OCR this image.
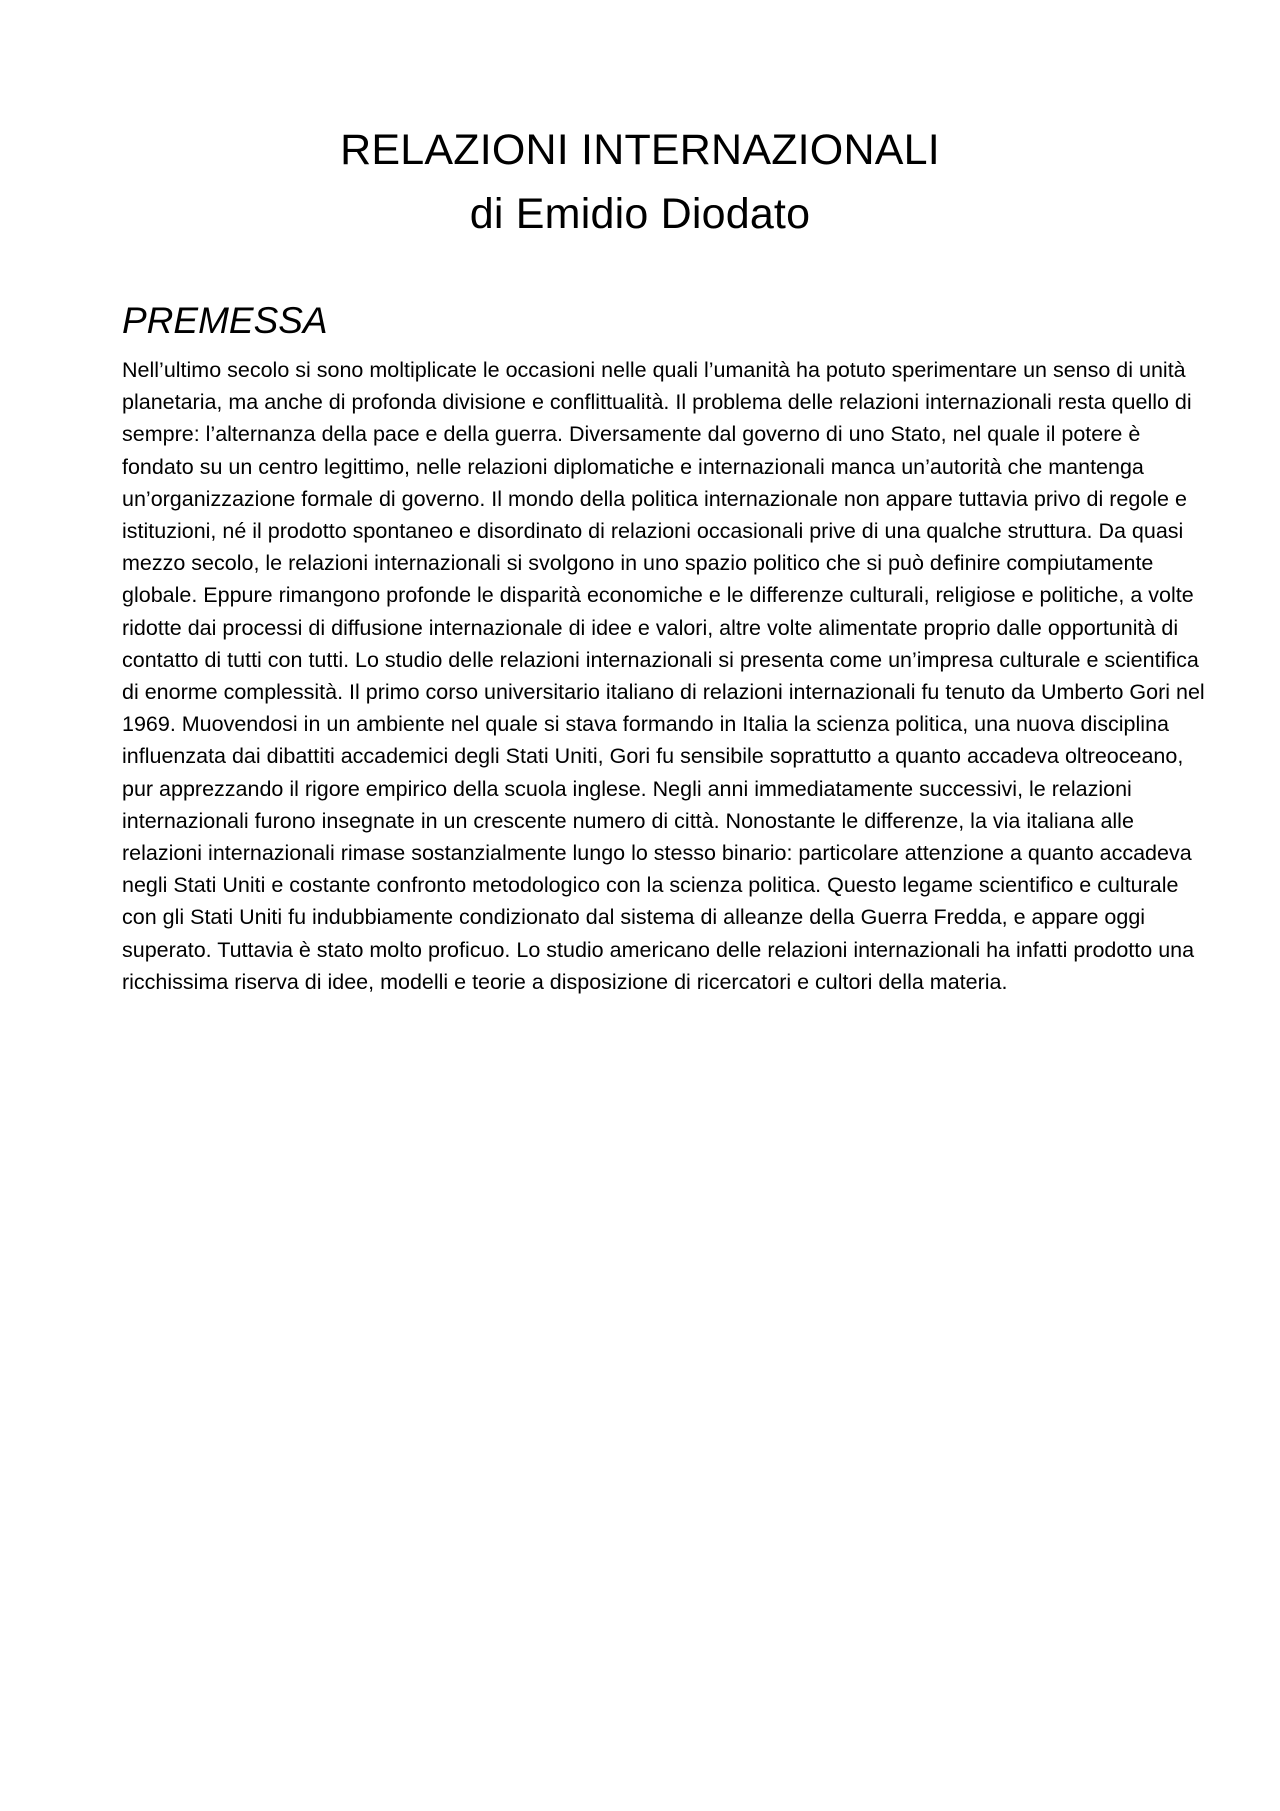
RELAZIONI INTERNAZIONALI
di Emidio Diodato
PREMESSA

Nell’ultimo secolo si sono moltiplicate le occasioni nelle quali l’umanità ha potuto sperimentare un senso di unità planetaria, ma anche di profonda divisione e conflittualità. Il problema delle relazioni internazionali resta quello di sempre: l’alternanza della pace e della guerra. Diversamente dal governo di uno Stato, nel quale il potere è fondato su un centro legittimo, nelle relazioni diplomatiche e internazionali manca un’autorità che mantenga un’organizzazione formale di governo. Il mondo della politica internazionale non appare tuttavia privo di regole e istituzioni, né il prodotto spontaneo e disordinato di relazioni occasionali prive di una qualche struttura. Da quasi mezzo secolo, le relazioni internazionali si svolgono in uno spazio politico che si può definire compiutamente globale. Eppure rimangono profonde le disparità economiche e le differenze culturali, religiose e politiche, a volte ridotte dai processi di diffusione internazionale di idee e valori, altre volte alimentate proprio dalle opportunità di contatto di tutti con tutti. Lo studio delle relazioni internazionali si presenta come un’impresa culturale e scientifica di enorme complessità. Il primo corso universitario italiano di relazioni internazionali fu tenuto da Umberto Gori nel 1969. Muovendosi in un ambiente nel quale si stava formando in Italia la scienza politica, una nuova disciplina influenzata dai dibattiti accademici degli Stati Uniti, Gori fu sensibile soprattutto a quanto accadeva oltreoceano, pur apprezzando il rigore empirico della scuola inglese. Negli anni immediatamente successivi, le relazioni internazionali furono insegnate in un crescente numero di città. Nonostante le differenze, la via italiana alle relazioni internazionali rimase sostanzialmente lungo lo stesso binario: particolare attenzione a quanto accadeva negli Stati Uniti e costante confronto metodologico con la scienza politica. Questo legame scientifico e culturale con gli Stati Uniti fu indubbiamente condizionato dal sistema di alleanze della Guerra Fredda, e appare oggi superato. Tuttavia è stato molto proficuo. Lo studio americano delle relazioni internazionali ha infatti prodotto una ricchissima riserva di idee, modelli e teorie a disposizione di ricercatori e cultori della materia.
